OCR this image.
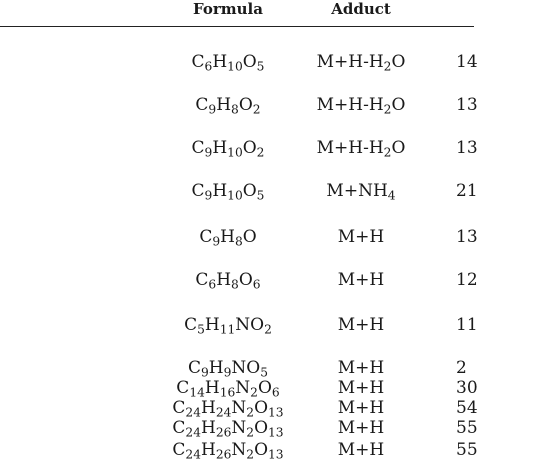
Formula	Adduct
$C_6H_{10}O_5$	$M+H-H_2O$	14
$C_9H_8O_2$	$M+H-H_2O$	13
$C_9H_{10}O_2$	$M+H-H_2O$	13
$C_9H_{10}O_5$	$M+NH_4$	21
$C_9H_8O$	M+H	13
$C_6H_8O_6$	M+H	12
$C_5H_{11}NO_2$	M+H	11
$C_9H_9NO_5$	M+H	2
$C_{14}H_{16}N_2O_6$	M+H	30
$C_{24}H_{24}N_2O_{13}$	M+H	54
$C_{24}H_{26}N_2O_{13}$	M+H	55
$C_{24}H_{26}N_2O_{13}$	M+H	55
